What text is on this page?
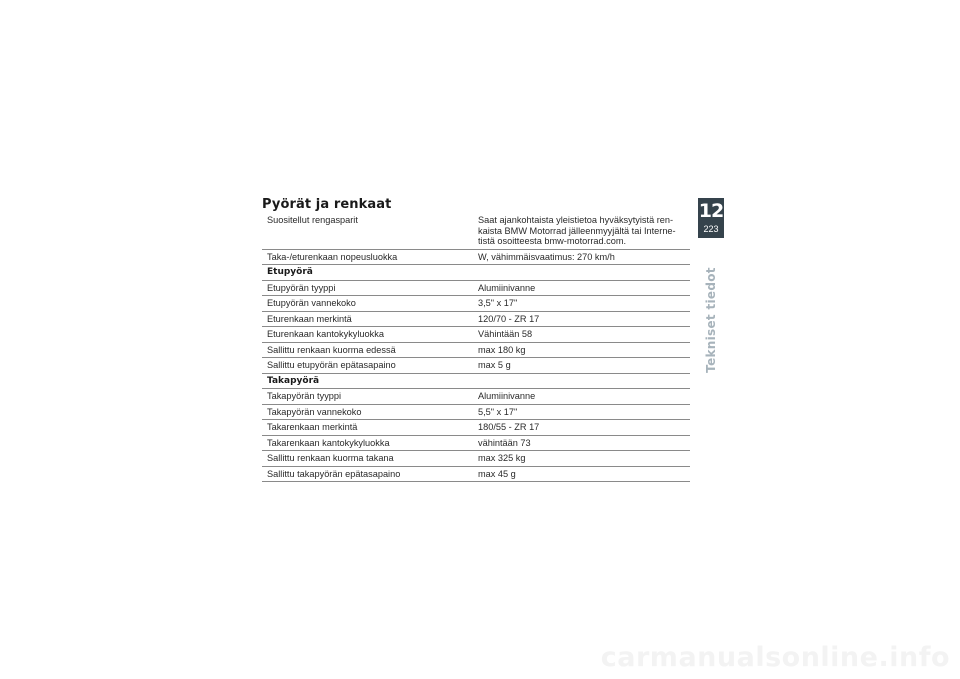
Pyörät ja renkaat
Suositellut rengasparit	Saat ajankohtaista yleistietoa hyväksytyistä ren-
kaista BMW Motorrad jälleenmyyjältä tai Interne-
tistä osoitteesta bmw-motorrad.com.

Taka-/eturenkaan nopeusluokka	W, vähimmäisvaatimus: 270 km/h
Etupyörä	
Etupyörän tyyppi	Alumiinivanne
Etupyörän vannekoko	3,5" x 17"
Eturenkaan merkintä	120/70 - ZR 17
Eturenkaan kantokykyluokka	Vähintään 58
Sallittu renkaan kuorma edessä	max 180 kg
Sallittu etupyörän epätasapaino	max 5 g
Takapyörä	
Takapyörän tyyppi	Alumiinivanne
Takapyörän vannekoko	5,5" x 17"
Takarenkaan merkintä	180/55 - ZR 17
Takarenkaan kantokykyluokka	vähintään 73
Sallittu renkaan kuorma takana	max 325 kg
Sallittu takapyörän epätasapaino	max 45 g
12
223
Tekniset tiedot
carmanualsonline.info
